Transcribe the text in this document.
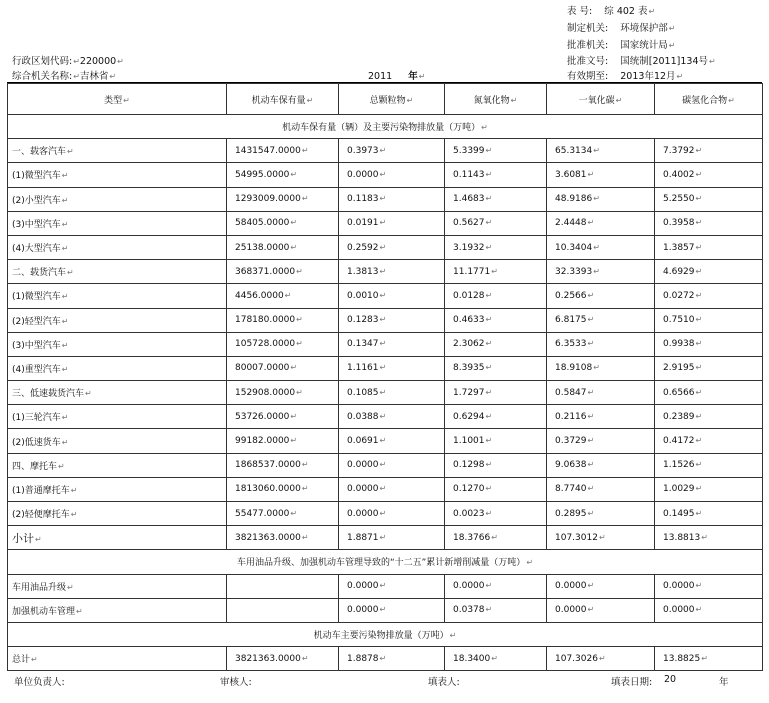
表 号: 综 402 表↵
制定机关: 环境保护部↵
批准机关: 国家统计局↵
批准文号: 国统制[2011]134号↵
有效期至: 2013年12月↵
行政区划代码:↵220000↵
综合机关名称:↵吉林省↵	2011 年↵
类型↵	机动车保有量↵	总颗粒物↵	氮氧化物↵	一氧化碳↵	碳氢化合物↵
机动车保有量（辆）及主要污染物排放量（万吨）↵					
一、载客汽车↵	1431547.0000↵	0.3973↵	5.3399↵	65.3134↵	7.3792↵
(1)微型汽车↵	54995.0000↵	0.0000↵	0.1143↵	3.6081↵	0.4002↵
(2)小型汽车↵	1293009.0000↵	0.1183↵	1.4683↵	48.9186↵	5.2550↵
(3)中型汽车↵	58405.0000↵	0.0191↵	0.5627↵	2.4448↵	0.3958↵
(4)大型汽车↵	25138.0000↵	0.2592↵	3.1932↵	10.3404↵	1.3857↵
二、载货汽车↵	368371.0000↵	1.3813↵	11.1771↵	32.3393↵	4.6929↵
(1)微型汽车↵	4456.0000↵	0.0010↵	0.0128↵	0.2566↵	0.0272↵
(2)轻型汽车↵	178180.0000↵	0.1283↵	0.4633↵	6.8175↵	0.7510↵
(3)中型汽车↵	105728.0000↵	0.1347↵	2.3062↵	6.3533↵	0.9938↵
(4)重型汽车↵	80007.0000↵	1.1161↵	8.3935↵	18.9108↵	2.9195↵
三、低速载货汽车↵	152908.0000↵	0.1085↵	1.7297↵	0.5847↵	0.6566↵
(1)三轮汽车↵	53726.0000↵	0.0388↵	0.6294↵	0.2116↵	0.2389↵
(2)低速货车↵	99182.0000↵	0.0691↵	1.1001↵	0.3729↵	0.4172↵
四、摩托车↵	1868537.0000↵	0.0000↵	0.1298↵	9.0638↵	1.1526↵
(1)普通摩托车↵	1813060.0000↵	0.0000↵	0.1270↵	8.7740↵	1.0029↵
(2)轻便摩托车↵	55477.0000↵	0.0000↵	0.0023↵	0.2895↵	0.1495↵
小计↵	3821363.0000↵	1.8871↵	18.3766↵	107.3012↵	13.8813↵
车用油品升级、加强机动车管理导致的“十二五”累计新增削减量（万吨）↵					
车用油品升级↵		0.0000↵	0.0000↵	0.0000↵	0.0000↵
加强机动车管理↵		0.0000↵	0.0378↵	0.0000↵	0.0000↵
机动车主要污染物排放量（万吨）↵					
总计↵	3821363.0000↵	1.8878↵	18.3400↵	107.3026↵	13.8825↵
单位负责人:	审核人:	填表人:	填表日期: 20	年
